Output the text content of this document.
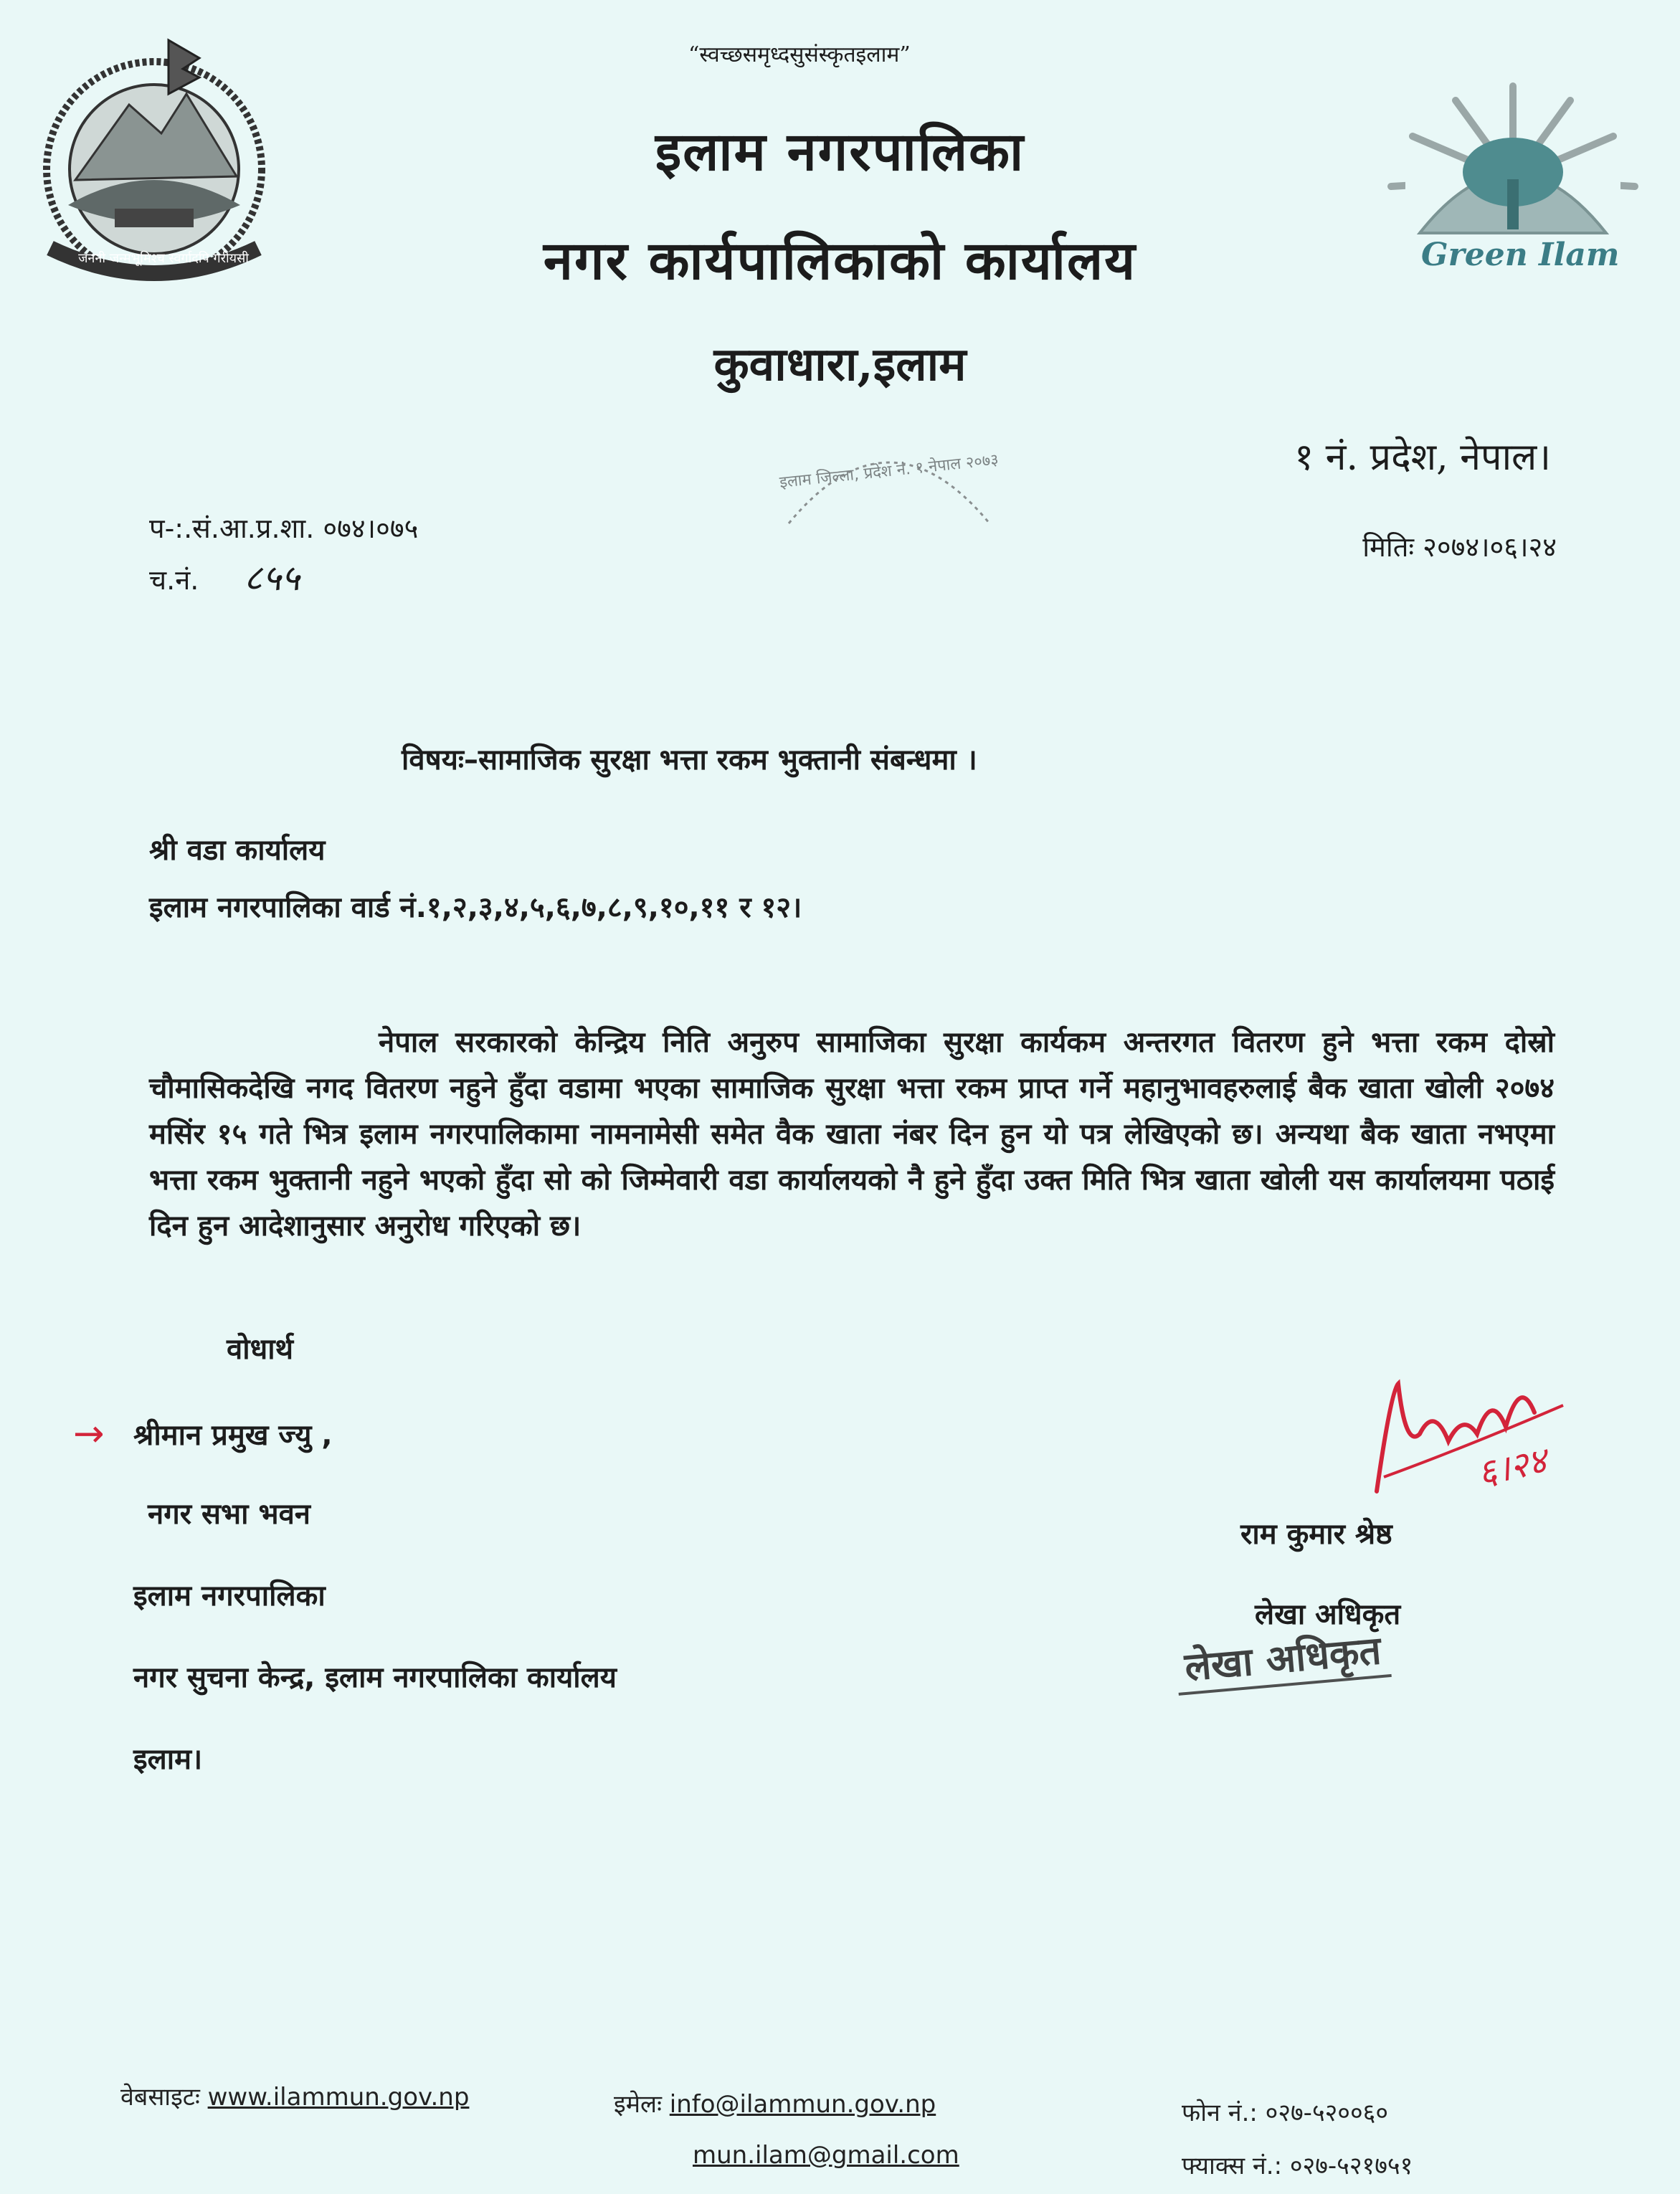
जननी जन्मभूमिश्च स्वर्गादपि गरीयसी	Green Ilam
“स्वच्छसमृध्दसुसंस्कृतइलाम”
इलाम नगरपालिका
नगर कार्यपालिकाको कार्यालय
कुवाधारा,इलाम
इलाम जिल्ला, प्रदेश नं. १ नेपाल २०७३	१ नं. प्रदेश, नेपाल।
प-:.सं.आ.प्र.शा. ०७४।०७५
च.नं. ८५५
मितिः २०७४।०६।२४
विषयः–सामाजिक सुरक्षा भत्ता रकम भुक्तानी संबन्धमा ।
श्री वडा कार्यालय
इलाम नगरपालिका वार्ड नं.१,२,३,४,५,६,७,८,९,१०,११ र १२।
नेपाल सरकारको केन्द्रिय निति अनुरुप सामाजिका सुरक्षा कार्यकम अन्तरगत वितरण हुने भत्ता रकम दोस्रो चौमासिकदेखि नगद वितरण नहुने हुँदा वडामा भएका सामाजिक सुरक्षा भत्ता रकम प्राप्त गर्ने महानुभावहरुलाई बैक खाता खोली २०७४ मसिंर १५ गते भित्र इलाम नगरपालिकामा नामनामेसी समेत वैक खाता नंबर दिन हुन यो पत्र लेखिएको छ। अन्यथा बैक खाता नभएमा भत्ता रकम भुक्तानी नहुने भएको हुँदा सो को जिम्मेवारी वडा कार्यालयको नै हुने हुँदा उक्त मिति भित्र खाता खोली यस कार्यालयमा पठाई दिन हुन आदेशानुसार अनुरोध गरिएको छ।
वोधार्थ
→ श्रीमान प्रमुख ज्यु ,
नगर सभा भवन
इलाम नगरपालिका
नगर सुचना केन्द्र, इलाम नगरपालिका कार्यालय
इलाम।
६।२४
राम कुमार श्रेष्ठ
लेखा अधिकृत
लेखा अधिकृत
वेबसाइटः www.ilammun.gov.np	इमेलः info@ilammun.gov.np
mun.ilam@gmail.com
फोन नं.: ०२७-५२००६०
फ्याक्स नं.: ०२७-५२१७५१
